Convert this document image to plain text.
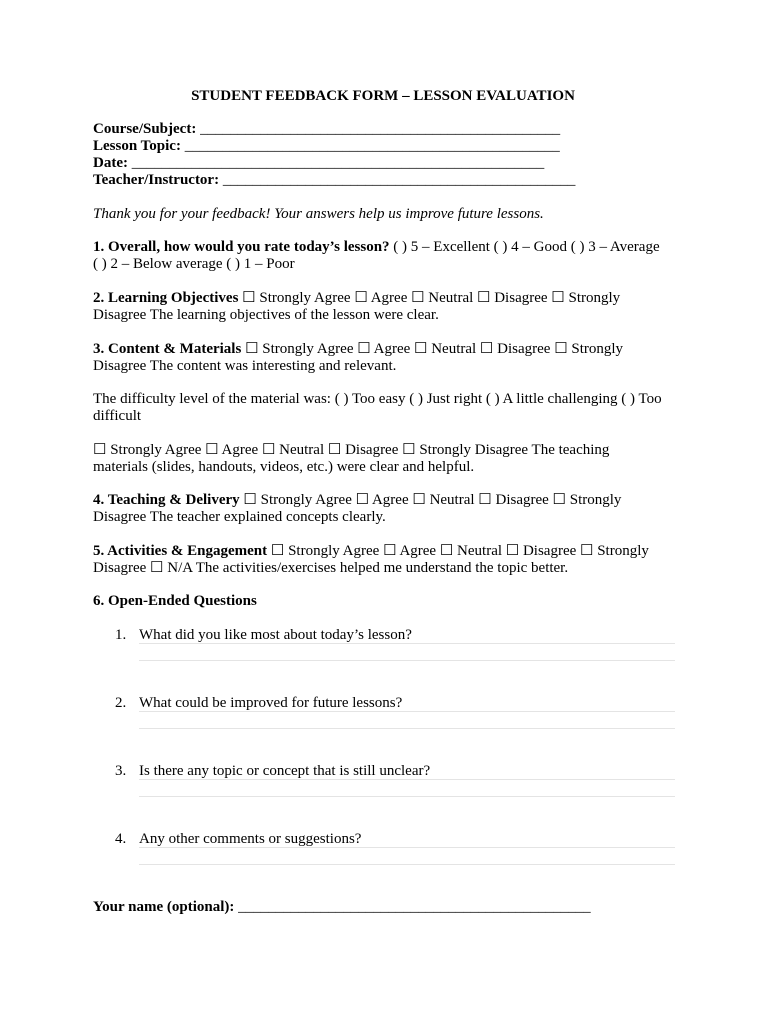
STUDENT FEEDBACK FORM – LESSON EVALUATION
Course/Subject: ________________________________________________
Lesson Topic: __________________________________________________
Date: _______________________________________________________
Teacher/Instructor: _______________________________________________
Thank you for your feedback! Your answers help us improve future lessons.
1. Overall, how would you rate today’s lesson? ( ) 5 – Excellent ( ) 4 – Good ( ) 3 – Average ( ) 2 – Below average ( ) 1 – Poor
2. Learning Objectives ☐ Strongly Agree ☐ Agree ☐ Neutral ☐ Disagree ☐ Strongly Disagree The learning objectives of the lesson were clear.
3. Content & Materials ☐ Strongly Agree ☐ Agree ☐ Neutral ☐ Disagree ☐ Strongly Disagree The content was interesting and relevant.
The difficulty level of the material was: ( ) Too easy ( ) Just right ( ) A little challenging ( ) Too difficult
☐ Strongly Agree ☐ Agree ☐ Neutral ☐ Disagree ☐ Strongly Disagree The teaching materials (slides, handouts, videos, etc.) were clear and helpful.
4. Teaching & Delivery ☐ Strongly Agree ☐ Agree ☐ Neutral ☐ Disagree ☐ Strongly Disagree The teacher explained concepts clearly.
5. Activities & Engagement ☐ Strongly Agree ☐ Agree ☐ Neutral ☐ Disagree ☐ Strongly Disagree ☐ N/A The activities/exercises helped me understand the topic better.
6. Open-Ended Questions
1. What did you like most about today’s lesson?
2. What could be improved for future lessons?
3. Is there any topic or concept that is still unclear?
4. Any other comments or suggestions?
Your name (optional): _______________________________________________
